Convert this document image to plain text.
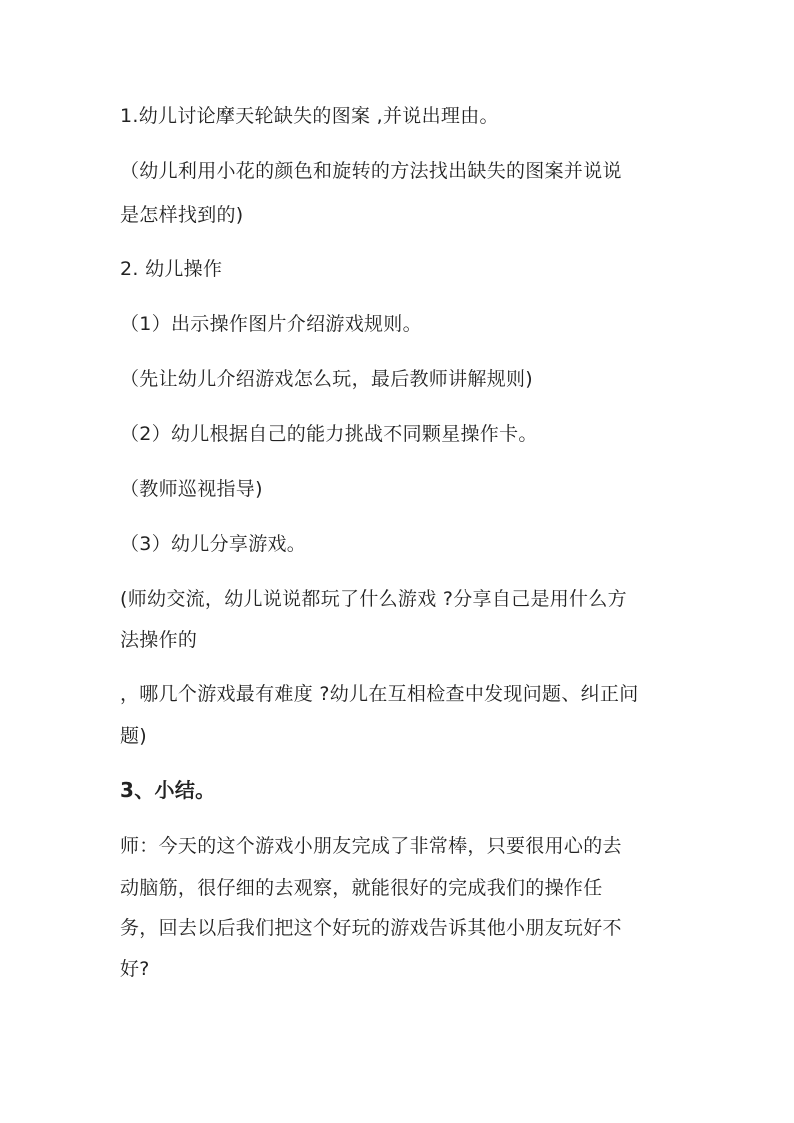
1.幼儿讨论摩天轮缺失的图案 ,并说出理由。
（幼儿利用小花的颜色和旋转的方法找出缺失的图案并说说
是怎样找到的)
2. 幼儿操作
（1）出示操作图片介绍游戏规则。
（先让幼儿介绍游戏怎么玩，最后教师讲解规则)
（2）幼儿根据自己的能力挑战不同颗星操作卡。
（教师巡视指导)
（3）幼儿分享游戏。
(师幼交流，幼儿说说都玩了什么游戏 ?分享自己是用什么方
法操作的
，哪几个游戏最有难度 ?幼儿在互相检查中发现问题、纠正问
题)
3、小结。
师：今天的这个游戏小朋友完成了非常棒，只要很用心的去
动脑筋，很仔细的去观察，就能很好的完成我们的操作任
务，回去以后我们把这个好玩的游戏告诉其他小朋友玩好不
好?
